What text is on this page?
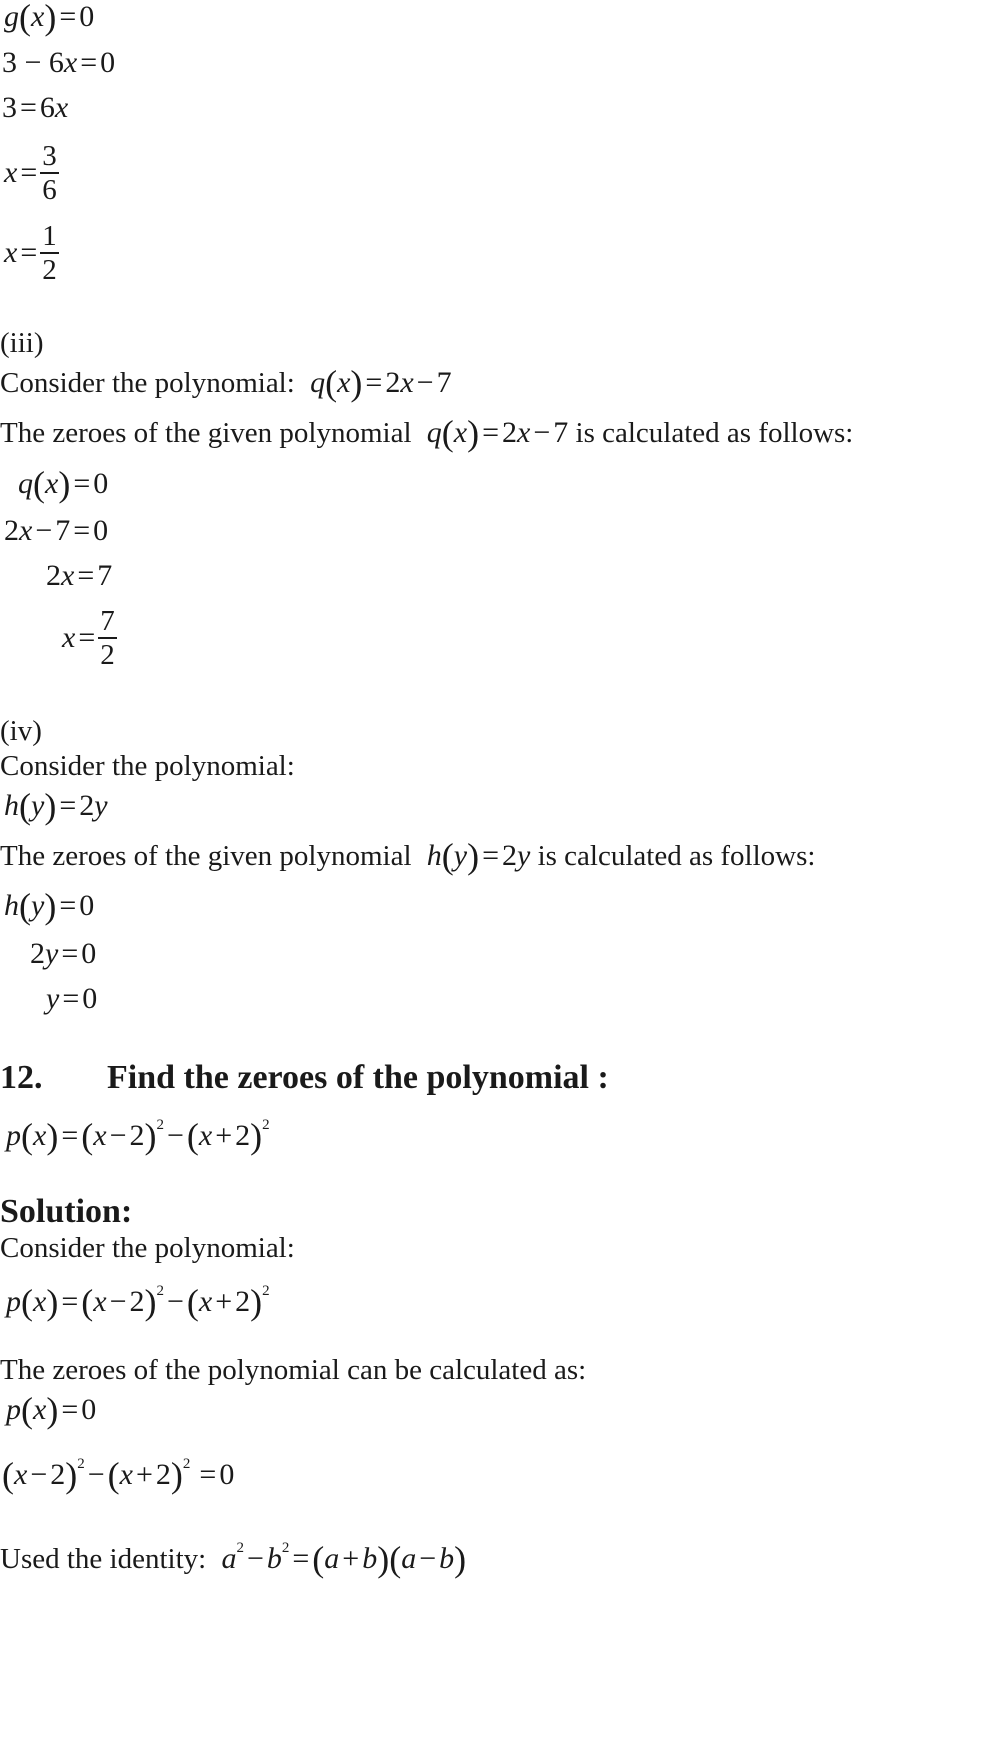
g(x) = 0
3 − 6x = 0
3 = 6x
$x = \frac{3}{6}$
$x = \frac{1}{2}$
(iii)
Consider the polynomial: q(x) = 2x − 7
The zeroes of the given polynomial q(x) = 2x − 7 is calculated as follows:
q(x) = 0
2x − 7 = 0
2x = 7
$x = \frac{7}{2}$
(iv)
Consider the polynomial:
h(y) = 2y
The zeroes of the given polynomial h(y) = 2y is calculated as follows:
h(y) = 0
2y = 0
y = 0
12. Find the zeroes of the polynomial :
$p(x) =(x - 2)^2 -(x + 2)^2$
Solution:
Consider the polynomial:
$p(x) =(x - 2)^2 -(x + 2)^2$
The zeroes of the polynomial can be calculated as:
p(x) = 0
$(x - 2)^2 -(x + 2)^2 = 0$
Used the identity: $a^2 - b^2 =(a + b)(a - b)$
